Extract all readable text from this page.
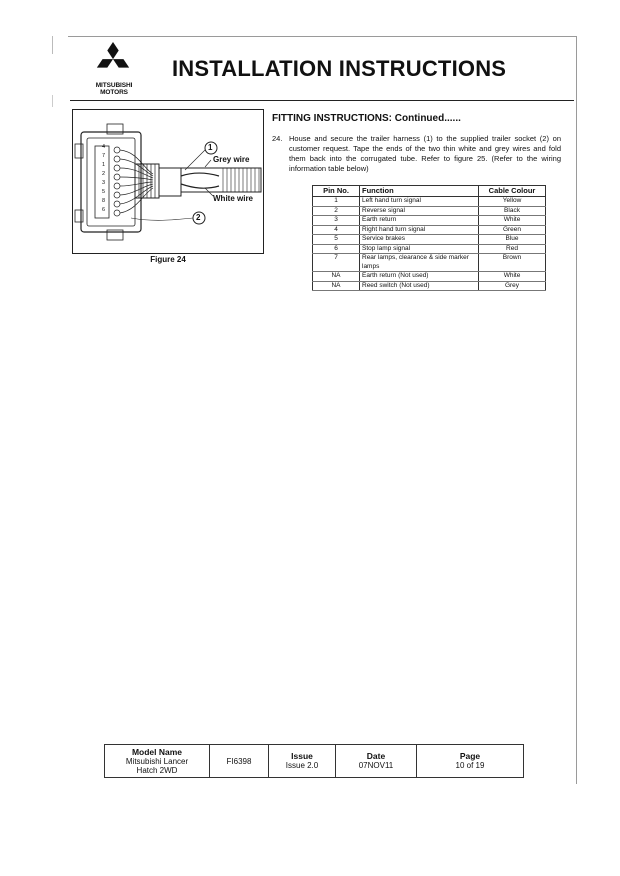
MITSUBISHI
MOTORS
INSTALLATION INSTRUCTIONS
4
7
1
2
3
5
8
6
1
2
Grey wire
White wire
Figure 24
FITTING INSTRUCTIONS: Continued......
24. House and secure the trailer harness (1) to the supplied trailer socket (2) on customer request. Tape the ends of the two thin white and grey wires and fold them back into the corrugated tube. Refer to figure 25. (Refer to the wiring information table below)
Pin No.	Function	Cable Colour
1	Left hand turn signal	Yellow
2	Reverse signal	Black
3	Earth return	White
4	Right hand turn signal	Green
5	Service brakes	Blue
6	Stop lamp signal	Red
7	Rear lamps, clearance & side marker lamps	Brown
NA	Earth return (Not used)	White
NA	Reed switch (Not used)	Grey
Model Name
Mitsubishi Lancer
Hatch 2WD	FI6398	Issue
Issue 2.0	
Date
07NOV11	
Page
10 of 19
